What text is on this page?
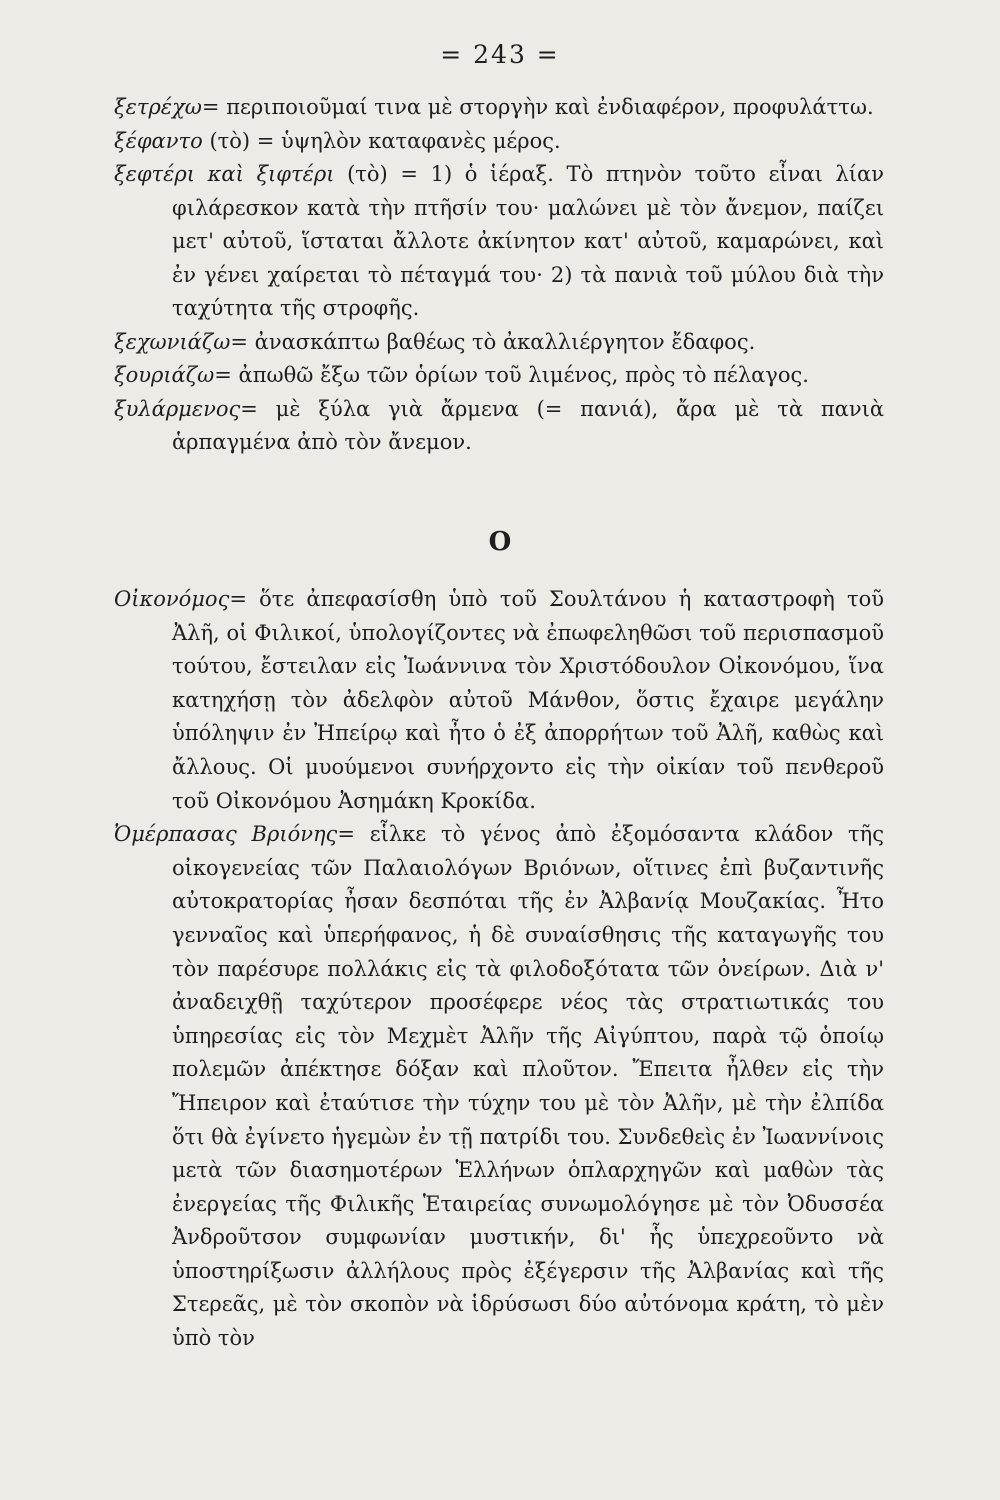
= 243 =

ξετρέχω= περιποιοῦμαί τινα μὲ στοργὴν καὶ ἐνδιαφέρον, προφυλάττω.

ξέφαντο (τὸ) = ὑψηλὸν καταφανὲς μέρος.

ξεφτέρι καὶ ξιφτέρι (τὸ) = 1) ὁ ἱέραξ. Τὸ πτηνὸν τοῦτο εἶναι λίαν φιλάρεσκον κατὰ τὴν πτῆσίν του· μαλώνει μὲ τὸν ἄνεμον, παίζει μετ' αὐτοῦ, ἵσταται ἄλλοτε ἀκίνητον κατ' αὐτοῦ, καμαρώνει, καὶ ἐν γένει χαίρεται τὸ πέταγμά του· 2) τὰ πανιὰ τοῦ μύλου διὰ τὴν ταχύτητα τῆς στροφῆς.

ξεχωνιάζω= ἀνασκάπτω βαθέως τὸ ἀκαλλιέργητον ἔδαφος.

ξουριάζω= ἀπωθῶ ἔξω τῶν ὁρίων τοῦ λιμένος, πρὸς τὸ πέλαγος.

ξυλάρμενος= μὲ ξύλα γιὰ ἄρμενα (= πανιά), ἄρα μὲ τὰ πανιὰ ἁρπαγμένα ἀπὸ τὸν ἄνεμον.

O

Οἰκονόμος= ὅτε ἀπεφασίσθη ὑπὸ τοῦ Σουλτάνου ἡ καταστροφὴ τοῦ Ἀλῆ, οἱ Φιλικοί, ὑπολογίζοντες νὰ ἐπωφεληθῶσι τοῦ περισπασμοῦ τούτου, ἔστειλαν εἰς Ἰωάννινα τὸν Χριστόδουλον Οἰκονόμου, ἵνα κατηχήσῃ τὸν ἀδελφὸν αὐτοῦ Μάνθον, ὅστις ἔχαιρε μεγάλην ὑπόληψιν ἐν Ἠπείρῳ καὶ ἦτο ὁ ἐξ ἀπορρήτων τοῦ Ἀλῆ, καθὼς καὶ ἄλλους. Οἱ μυούμενοι συνήρχοντο εἰς τὴν οἰκίαν τοῦ πενθεροῦ τοῦ Οἰκονόμου Ἀσημάκη Κροκίδα.

Ὀμέρπασας Βριόνης= εἷλκε τὸ γένος ἀπὸ ἐξομόσαντα κλάδον τῆς οἰκογενείας τῶν Παλαιολόγων Βριόνων, οἵτινες ἐπὶ βυζαντινῆς αὐτοκρατορίας ἦσαν δεσπόται τῆς ἐν Ἀλβανίᾳ Μουζακίας. Ἦτο γενναῖος καὶ ὑπερήφανος, ἡ δὲ συναίσθησις τῆς καταγωγῆς του τὸν παρέσυρε πολλάκις εἰς τὰ φιλοδοξότατα τῶν ὀνείρων. Διὰ ν' ἀναδειχθῇ ταχύτερον προσέφερε νέος τὰς στρατιωτικάς του ὑπηρεσίας εἰς τὸν Μεχμὲτ Ἀλῆν τῆς Αἰγύπτου, παρὰ τῷ ὁποίῳ πολεμῶν ἀπέκτησε δόξαν καὶ πλοῦτον. Ἔπειτα ἦλθεν εἰς τὴν Ἤπειρον καὶ ἐταύτισε τὴν τύχην του μὲ τὸν Ἀλῆν, μὲ τὴν ἐλπίδα ὅτι θὰ ἐγίνετο ἡγεμὼν ἐν τῇ πατρίδι του. Συνδεθεὶς ἐν Ἰωαννίνοις μετὰ τῶν διασημοτέρων Ἑλλήνων ὁπλαρχηγῶν καὶ μαθὼν τὰς ἐνεργείας τῆς Φιλικῆς Ἑταιρείας συνωμολόγησε μὲ τὸν Ὀδυσσέα Ἀνδροῦτσον συμφωνίαν μυστικήν, δι' ἧς ὑπεχρεοῦντο νὰ ὑποστηρίξωσιν ἀλλήλους πρὸς ἐξέγερσιν τῆς Ἀλβανίας καὶ τῆς Στερεᾶς, μὲ τὸν σκοπὸν νὰ ἱδρύσωσι δύο αὐτόνομα κράτη, τὸ μὲν ὑπὸ τὸν
